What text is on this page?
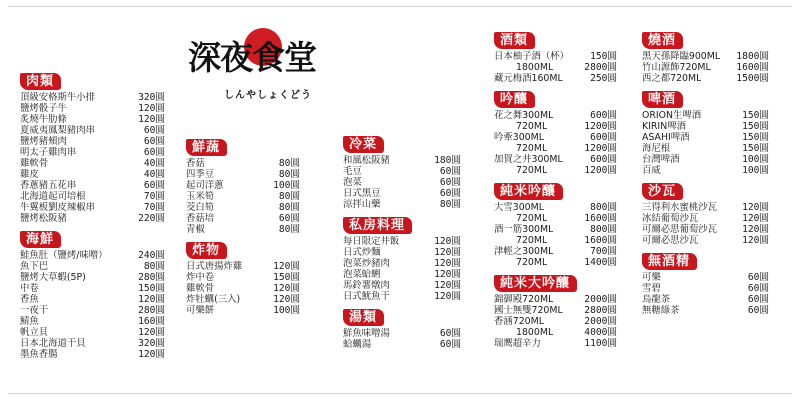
深夜食堂
しんやしょくどう
肉類
頂級安格斯牛小排	320圓
鹽烤骰子牛	120圓
炙燒牛肋條	120圓
夏威夷鳳梨豬肉串	60圓
鹽烤豬頰肉	60圓
明太子雞肉串	60圓
雞軟骨	40圓
雞皮	40圓
香蔥豬五花串	60圓
北海道起司培根	70圓
牛翼板劉皮辣椒串	70圓
鹽烤松阪豬	220圓
海鮮
鮭魚肚（鹽烤/味噌）	240圓
魚下巴	80圓
鹽烤大草蝦(5P)	280圓
中卷	150圓
香魚	120圓
一夜干	280圓
鯖魚	160圓
帆立貝	120圓
日本北海道干貝	320圓
墨魚香腸	120圓
鮮蔬
香菇	80圓
四季豆	80圓
起司洋蔥	100圓
玉米筍	80圓
茭白筍	80圓
香菇培	60圓
青椒	80圓
炸物
日式唐揚炸雞	120圓
炸中卷	150圓
雞軟骨	120圓
炸牡蠣(三入)	120圓
可樂餅	100圓
冷菜
和風松阪豬	180圓
毛豆	60圓
泡菜	60圓
日式黑豆	60圓
涼拌山藥	80圓
私房料理
每日限定井飯	120圓
日式炒麵	120圓
泡菜炒豬肉	120圓
泡菜蛤蜊	120圓
馬鈴薯燉肉	120圓
日式魷魚干	120圓
湯類
鮮魚味噌湯	60圓
蛤蠣湯	60圓
酒類
日本柚子酒（杯） 150圓
1800ML	2800圓
藏元梅酒160ML	250圓
吟釀
花之舞300ML	600圓
720ML	1200圓
吟牽300ML	600圓
720ML	1200圓
加賀之井300ML	600圓
720ML	1200圓
純米吟釀
大雪300ML	800圓
720ML	1600圓
酒一筋300ML	800圓
720ML	1600圓
津輕之300ML	700圓
720ML	1400圓
純米大吟釀
錦御殿720ML	2000圓
國士無雙720ML 2800圓
香涵720ML	2000圓
1800ML	4000圓
瑞鹰超辛力	1100圓
燒酒
黑天孫降臨900ML 1800圓
竹山源飾720ML	1600圓
西之都720ML	1500圓
啤酒
ORION生啤酒	150圓
KIRIN啤酒	150圓
ASAHI啤酒	150圓
海尼根	150圓
台灣啤酒	100圓
百威	100圓
沙瓦
三得利水蜜桃沙瓦	120圓
冰結葡萄沙瓦	120圓
可爾必思葡萄沙瓦	120圓
可爾必思沙瓦	120圓
無酒精
可樂	60圓
雪碧	60圓
烏龍茶	60圓
無糖綠茶	60圓
